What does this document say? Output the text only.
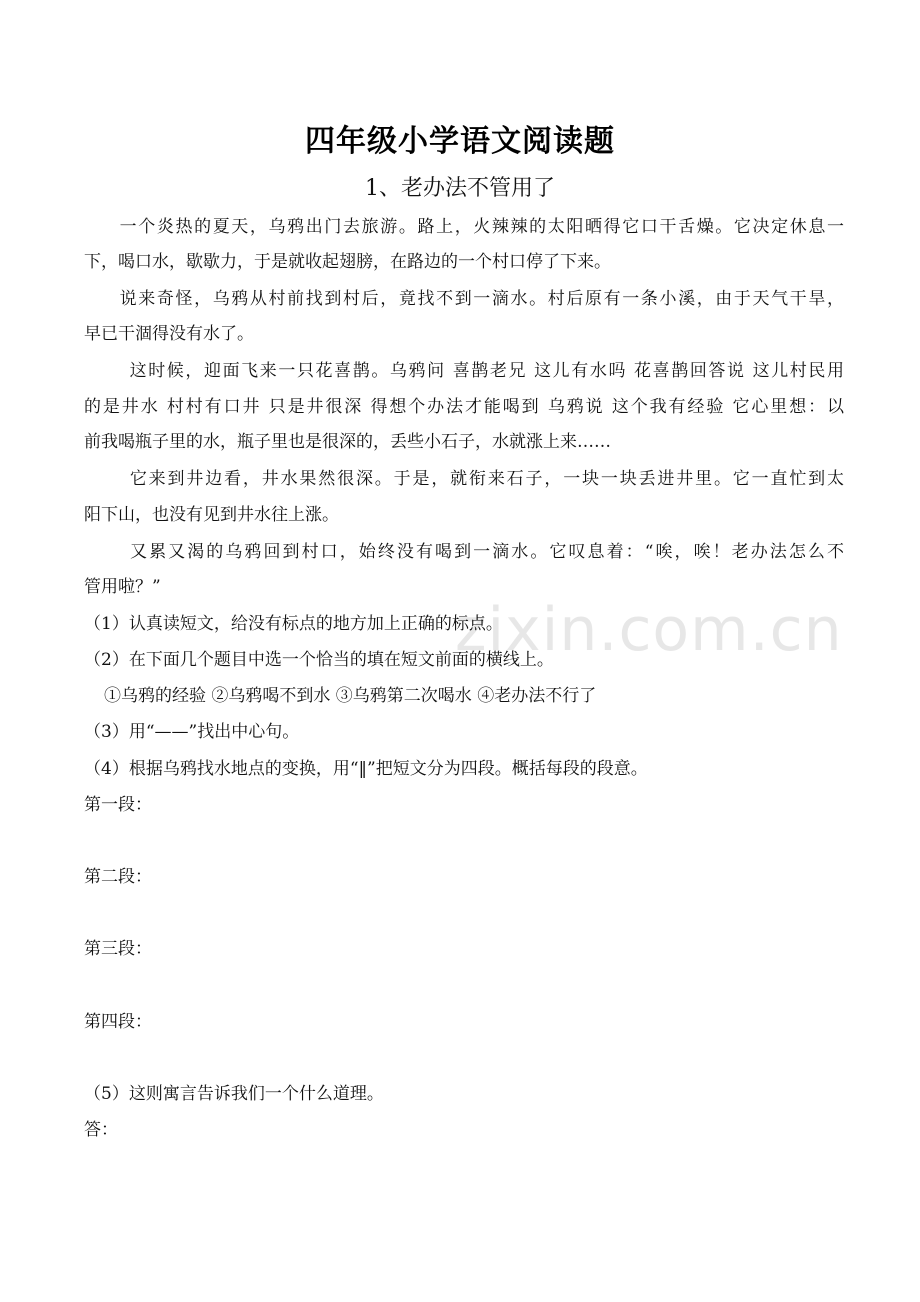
四年级小学语文阅读题
1、老办法不管用了
一个炎热的夏天，乌鸦出门去旅游。路上，火辣辣的太阳晒得它口干舌燥。它决定休息一
下，喝口水，歇歇力，于是就收起翅膀，在路边的一个村口停了下来。
说来奇怪，乌鸦从村前找到村后，竟找不到一滴水。村后原有一条小溪，由于天气干旱，
早已干涸得没有水了。
这时候，迎面飞来一只花喜鹊。乌鸦问 喜鹊老兄 这儿有水吗 花喜鹊回答说 这儿村民用
的是井水 村村有口井 只是井很深 得想个办法才能喝到 乌鸦说 这个我有经验 它心里想：以
前我喝瓶子里的水，瓶子里也是很深的，丢些小石子，水就涨上来……
它来到井边看，井水果然很深。于是，就衔来石子，一块一块丢进井里。它一直忙到太
阳下山，也没有见到井水往上涨。
又累又渴的乌鸦回到村口，始终没有喝到一滴水。它叹息着：“唉，唉！老办法怎么不
管用啦？”
zixin.com.cn
（1）认真读短文，给没有标点的地方加上正确的标点。
（2）在下面几个题目中选一个恰当的填在短文前面的横线上。
①乌鸦的经验 ②乌鸦喝不到水 ③乌鸦第二次喝水 ④老办法不行了
（3）用“——”找出中心句。
（4）根据乌鸦找水地点的变换，用“‖”把短文分为四段。概括每段的段意。
第一段：
第二段：
第三段：
第四段：
（5）这则寓言告诉我们一个什么道理。
答：
